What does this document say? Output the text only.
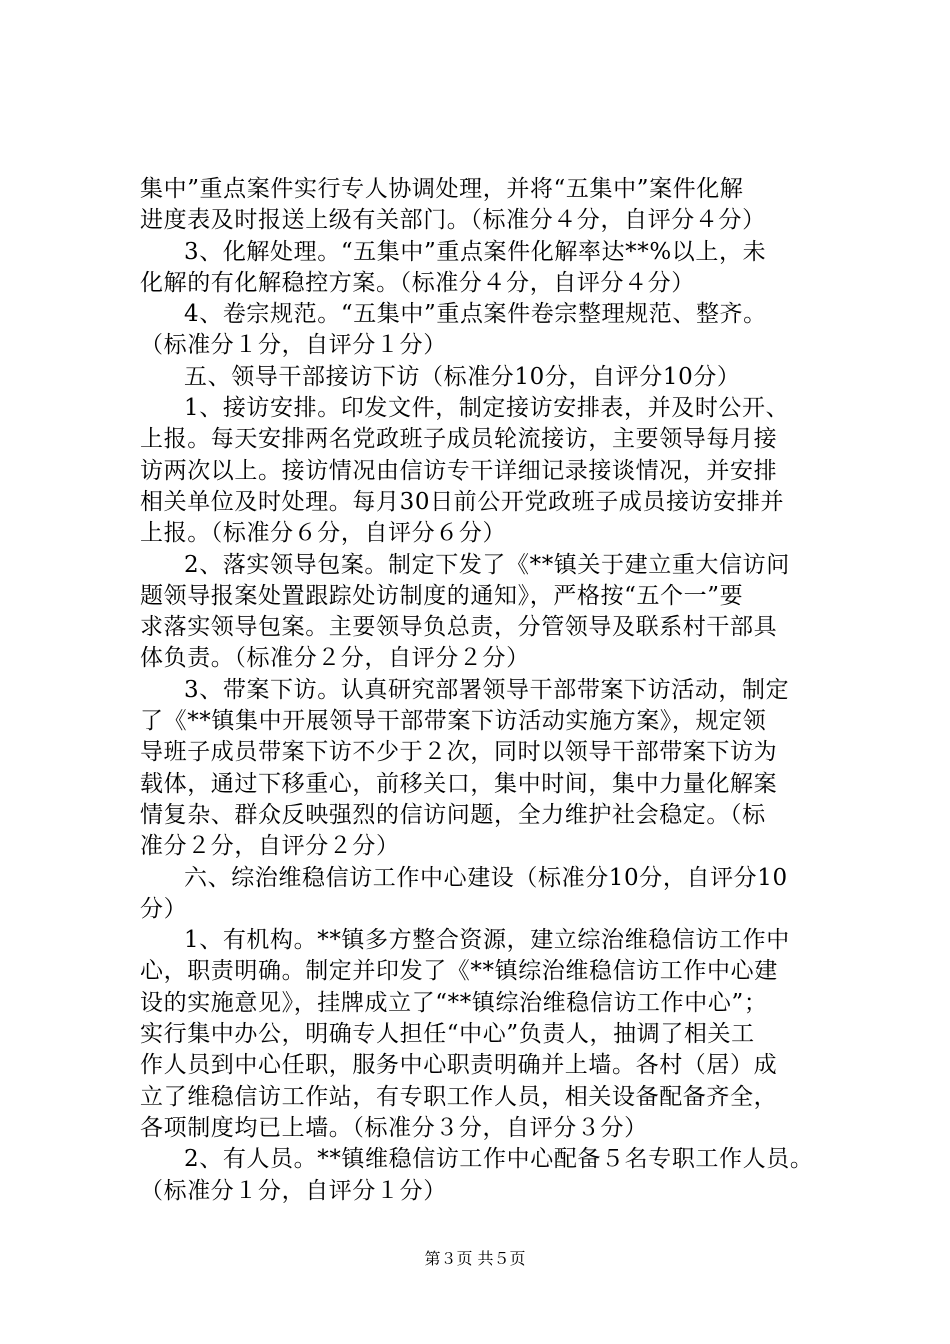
集中”重点案件实行专人协调处理，并将“五集中”案件化解
进度表及时报送上级有关部门。（标准分４分，自评分４分）
3、化解处理。“五集中”重点案件化解率达**%以上，未
化解的有化解稳控方案。（标准分４分，自评分４分）
4、卷宗规范。“五集中”重点案件卷宗整理规范、整齐。
（标准分１分，自评分１分）
五、领导干部接访下访（标准分10分，自评分10分）
1、接访安排。印发文件，制定接访安排表，并及时公开、
上报。每天安排两名党政班子成员轮流接访，主要领导每月接
访两次以上。接访情况由信访专干详细记录接谈情况，并安排
相关单位及时处理。每月30日前公开党政班子成员接访安排并
上报。（标准分６分，自评分６分）
2、落实领导包案。制定下发了《**镇关于建立重大信访问
题领导报案处置跟踪处访制度的通知》，严格按“五个一”要
求落实领导包案。主要领导负总责，分管领导及联系村干部具
体负责。（标准分２分，自评分２分）
3、带案下访。认真研究部署领导干部带案下访活动，制定
了《**镇集中开展领导干部带案下访活动实施方案》，规定领
导班子成员带案下访不少于２次，同时以领导干部带案下访为
载体，通过下移重心，前移关口，集中时间，集中力量化解案
情复杂、群众反映强烈的信访问题，全力维护社会稳定。（标
准分２分，自评分２分）
六、综治维稳信访工作中心建设（标准分10分，自评分10
分）
1、有机构。**镇多方整合资源，建立综治维稳信访工作中
心，职责明确。制定并印发了《**镇综治维稳信访工作中心建
设的实施意见》，挂牌成立了“**镇综治维稳信访工作中心”；
实行集中办公，明确专人担任“中心”负责人，抽调了相关工
作人员到中心任职，服务中心职责明确并上墙。各村（居）成
立了维稳信访工作站，有专职工作人员，相关设备配备齐全，
各项制度均已上墙。（标准分３分，自评分３分）
2、有人员。**镇维稳信访工作中心配备５名专职工作人员。
（标准分１分，自评分１分）
第３页 共５页
